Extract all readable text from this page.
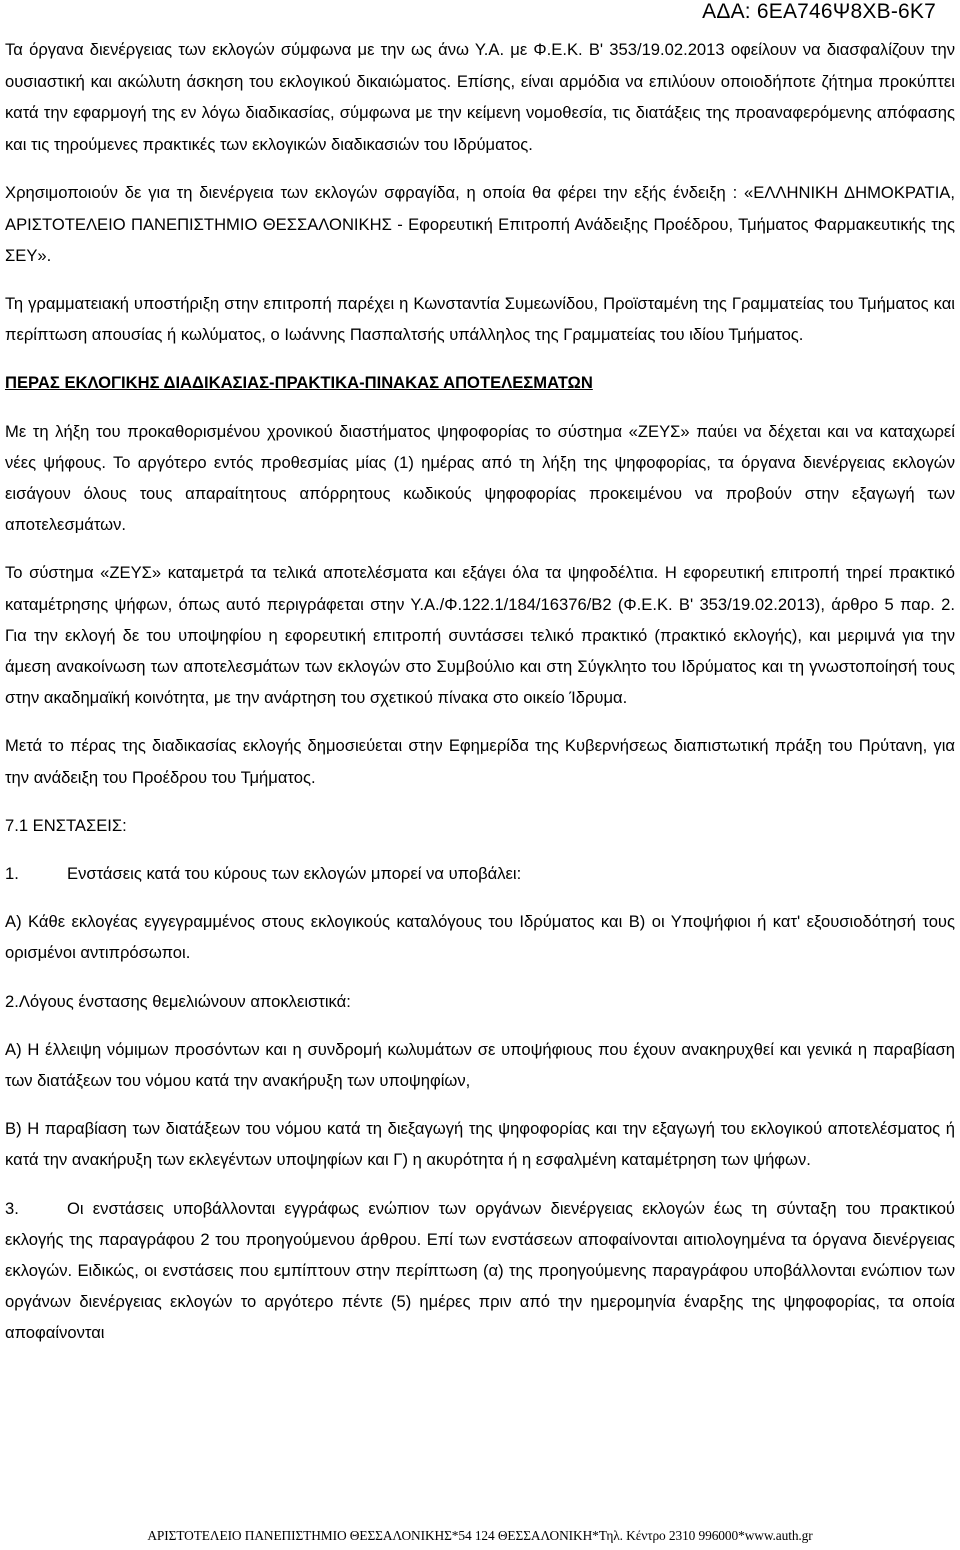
ΑΔΑ: 6ΕΑ746Ψ8ΧΒ-6Κ7

Τα όργανα διενέργειας των εκλογών σύμφωνα με την ως άνω Υ.Α. με Φ.Ε.Κ. Β' 353/19.02.2013 οφείλουν να διασφαλίζουν την ουσιαστική και ακώλυτη άσκηση του εκλογικού δικαιώματος. Επίσης, είναι αρμόδια να επιλύουν οποιοδήποτε ζήτημα προκύπτει κατά την εφαρμογή της εν λόγω διαδικασίας, σύμφωνα με την κείμενη νομοθεσία, τις διατάξεις της προαναφερόμενης απόφασης και τις τηρούμενες πρακτικές των εκλογικών διαδικασιών του Ιδρύματος.

Χρησιμοποιούν δε για τη διενέργεια των εκλογών σφραγίδα, η οποία θα φέρει την εξής ένδειξη : «ΕΛΛΗΝΙΚΗ ΔΗΜΟΚΡΑΤΙΑ, ΑΡΙΣΤΟΤΕΛΕΙΟ ΠΑΝΕΠΙΣΤΗΜΙΟ ΘΕΣΣΑΛΟΝΙΚΗΣ - Εφορευτική Επιτροπή Ανάδειξης Προέδρου, Τμήματος Φαρμακευτικής της ΣΕΥ».

Τη γραμματειακή υποστήριξη στην επιτροπή παρέχει η Κωνσταντία Συμεωνίδου, Προϊσταμένη της Γραμματείας του Τμήματος και περίπτωση απουσίας ή κωλύματος, ο Ιωάννης Πασπαλτσής υπάλληλος της Γραμματείας του ιδίου Τμήματος.

ΠΕΡΑΣ ΕΚΛΟΓΙΚΗΣ ΔΙΑΔΙΚΑΣΙΑΣ-ΠΡΑΚΤΙΚΑ-ΠΙΝΑΚΑΣ ΑΠΟΤΕΛΕΣΜΑΤΩΝ

Με τη λήξη του προκαθορισμένου χρονικού διαστήματος ψηφοφορίας το σύστημα «ΖΕΥΣ» παύει να δέχεται και να καταχωρεί νέες ψήφους. Το αργότερο εντός προθεσμίας μίας (1) ημέρας από τη λήξη της ψηφοφορίας, τα όργανα διενέργειας εκλογών εισάγουν όλους τους απαραίτητους απόρρητους κωδικούς ψηφοφορίας προκειμένου να προβούν στην εξαγωγή των αποτελεσμάτων.

Το σύστημα «ΖΕΥΣ» καταμετρά τα τελικά αποτελέσματα και εξάγει όλα τα ψηφοδέλτια. Η εφορευτική επιτροπή τηρεί πρακτικό καταμέτρησης ψήφων, όπως αυτό περιγράφεται στην Υ.Α./Φ.122.1/184/16376/Β2 (Φ.Ε.Κ. Β' 353/19.02.2013), άρθρο 5 παρ. 2. Για την εκλογή δε του υποψηφίου η εφορευτική επιτροπή συντάσσει τελικό πρακτικό (πρακτικό εκλογής), και μεριμνά για την άμεση ανακοίνωση των αποτελεσμάτων των εκλογών στο Συμβούλιο και στη Σύγκλητο του Ιδρύματος και τη γνωστοποίησή τους στην ακαδημαϊκή κοινότητα, με την ανάρτηση του σχετικού πίνακα στο οικείο Ίδρυμα.

Μετά το πέρας της διαδικασίας εκλογής δημοσιεύεται στην Εφημερίδα της Κυβερνήσεως διαπιστωτική πράξη του Πρύτανη, για την ανάδειξη του Προέδρου του Τμήματος.

7.1 ΕΝΣΤΑΣΕΙΣ:

1.	Ενστάσεις κατά του κύρους των εκλογών μπορεί να υποβάλει:

Α) Κάθε εκλογέας εγγεγραμμένος στους εκλογικούς καταλόγους του Ιδρύματος και Β) οι Υποψήφιοι ή κατ' εξουσιοδότησή τους ορισμένοι αντιπρόσωποι.

2.Λόγους ένστασης θεμελιώνουν αποκλειστικά:

Α) Η έλλειψη νόμιμων προσόντων και η συνδρομή κωλυμάτων σε υποψήφιους που έχουν ανακηρυχθεί και γενικά η παραβίαση των διατάξεων του νόμου κατά την ανακήρυξη των υποψηφίων,

Β) Η παραβίαση των διατάξεων του νόμου κατά τη διεξαγωγή της ψηφοφορίας και την εξαγωγή του εκλογικού αποτελέσματος ή κατά την ανακήρυξη των εκλεγέντων υποψηφίων και Γ) η ακυρότητα ή η εσφαλμένη καταμέτρηση των ψήφων.

3.	Οι ενστάσεις υποβάλλονται εγγράφως ενώπιον των οργάνων διενέργειας εκλογών έως τη σύνταξη του πρακτικού εκλογής της παραγράφου 2 του προηγούμενου άρθρου. Επί των ενστάσεων αποφαίνονται αιτιολογημένα τα όργανα διενέργειας εκλογών. Ειδικώς, οι ενστάσεις που εμπίπτουν στην περίπτωση (α) της προηγούμενης παραγράφου υποβάλλονται ενώπιον των οργάνων διενέργειας εκλογών το αργότερο πέντε (5) ημέρες πριν από την ημερομηνία έναρξης της ψηφοφορίας, τα οποία αποφαίνονται

ΑΡΙΣΤΟΤΕΛΕΙΟ ΠΑΝΕΠΙΣΤΗΜΙΟ ΘΕΣΣΑΛΟΝΙΚΗΣ*54 124 ΘΕΣΣΑΛΟΝΙΚΗ*Τηλ. Κέντρο 2310 996000*www.auth.gr
